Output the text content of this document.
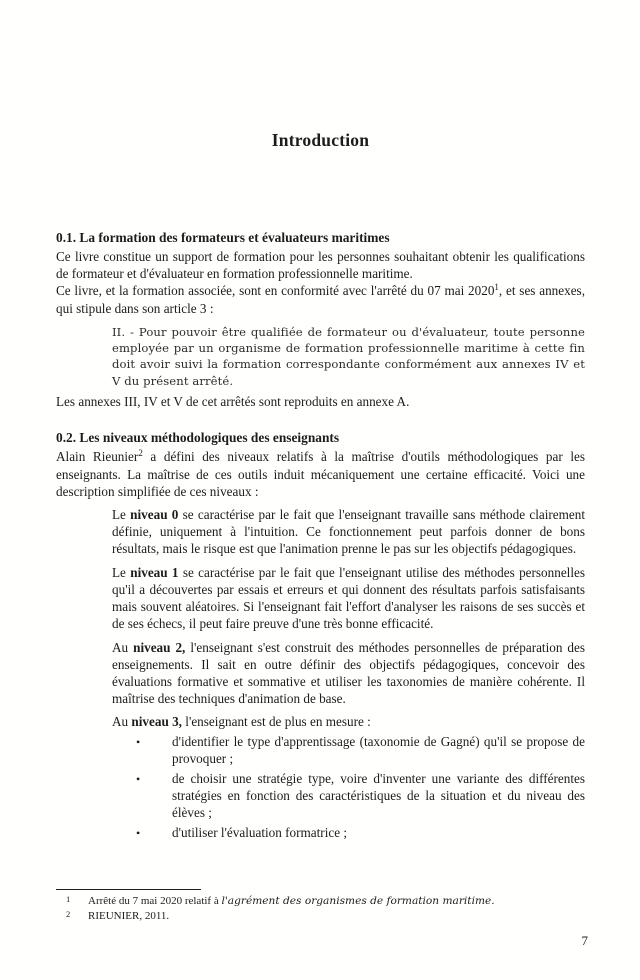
Introduction
0.1. La formation des formateurs et évaluateurs maritimes

Ce livre constitue un support de formation pour les personnes souhaitant obtenir les qualifications de formateur et d'évaluateur en formation professionnelle maritime.

Ce livre, et la formation associée, sont en conformité avec l'arrêté du 07 mai 2020$^1$, et ses annexes, qui stipule dans son article 3 :

II. - Pour pouvoir être qualifiée de formateur ou d'évaluateur, toute personne employée par un organisme de formation professionnelle maritime à cette fin doit avoir suivi la formation correspondante conformément aux annexes IV et V du présent arrêté.

Les annexes III, IV et V de cet arrêtés sont reproduits en annexe A.

0.2. Les niveaux méthodologiques des enseignants

Alain Rieunier$^2$ a défini des niveaux relatifs à la maîtrise d'outils méthodologiques par les enseignants. La maîtrise de ces outils induit mécaniquement une certaine efficacité. Voici une description simplifiée de ces niveaux :

Le niveau 0 se caractérise par le fait que l'enseignant travaille sans méthode clairement définie, uniquement à l'intuition. Ce fonctionnement peut parfois donner de bons résultats, mais le risque est que l'animation prenne le pas sur les objectifs pédagogiques.

Le niveau 1 se caractérise par le fait que l'enseignant utilise des méthodes personnelles qu'il a découvertes par essais et erreurs et qui donnent des résultats parfois satisfaisants mais souvent aléatoires. Si l'enseignant fait l'effort d'analyser les raisons de ses succès et de ses échecs, il peut faire preuve d'une très bonne efficacité.

Au niveau 2, l'enseignant s'est construit des méthodes personnelles de préparation des enseignements. Il sait en outre définir des objectifs pédagogiques, concevoir des évaluations formative et sommative et utiliser les taxonomies de manière cohérente. Il maîtrise des techniques d'animation de base.

Au niveau 3, l'enseignant est de plus en mesure :

•	d'identifier le type d'apprentissage (taxonomie de Gagné) qu'il se propose de provoquer ;
•	de choisir une stratégie type, voire d'inventer une variante des différentes stratégies en fonction des caractéristiques de la situation et du niveau des élèves ;
•	d'utiliser l'évaluation formatrice ;
1	Arrêté du 7 mai 2020 relatif à l'agrément des organismes de formation maritime.
2	RIEUNIER, 2011.
7
